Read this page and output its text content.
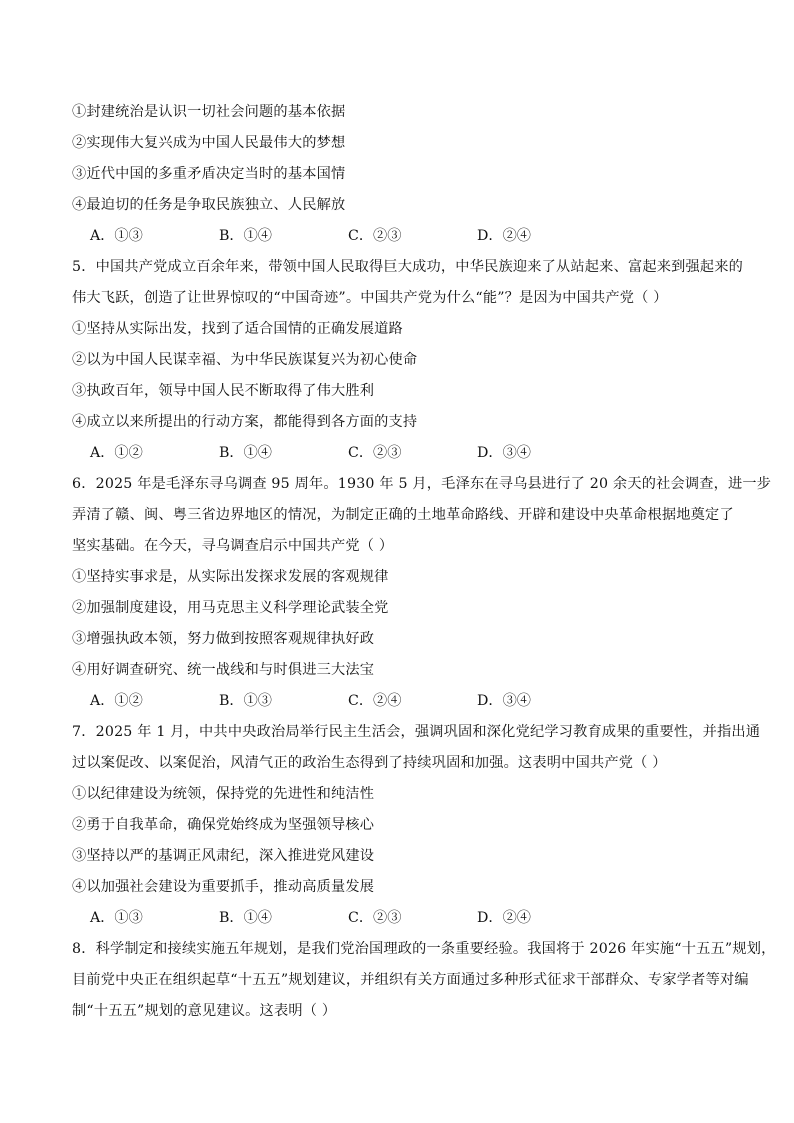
①封建统治是认识一切社会问题的基本依据
②实现伟大复兴成为中国人民最伟大的梦想
③近代中国的多重矛盾决定当时的基本国情
④最迫切的任务是争取民族独立、人民解放
A．①③	B．①④	C．②③	D．②④
5．中国共产党成立百余年来，带领中国人民取得巨大成功，中华民族迎来了从站起来、富起来到强起来的
伟大飞跃，创造了让世界惊叹的“中国奇迹”。中国共产党为什么“能”？是因为中国共产党（ ）
①坚持从实际出发，找到了适合国情的正确发展道路
②以为中国人民谋幸福、为中华民族谋复兴为初心使命
③执政百年，领导中国人民不断取得了伟大胜利
④成立以来所提出的行动方案，都能得到各方面的支持
A．①②	B．①④	C．②③	D．③④
6．2025 年是毛泽东寻乌调查 95 周年。1930 年 5 月，毛泽东在寻乌县进行了 20 余天的社会调查，进一步
弄清了赣、闽、粤三省边界地区的情况，为制定正确的土地革命路线、开辟和建设中央革命根据地奠定了
坚实基础。在今天，寻乌调查启示中国共产党（ ）
①坚持实事求是，从实际出发探求发展的客观规律
②加强制度建设，用马克思主义科学理论武装全党
③增强执政本领，努力做到按照客观规律执好政
④用好调查研究、统一战线和与时俱进三大法宝
A．①②	B．①③	C．②④	D．③④
7．2025 年 1 月，中共中央政治局举行民主生活会，强调巩固和深化党纪学习教育成果的重要性，并指出通
过以案促改、以案促治，风清气正的政治生态得到了持续巩固和加强。这表明中国共产党（ ）
①以纪律建设为统领，保持党的先进性和纯洁性
②勇于自我革命，确保党始终成为坚强领导核心
③坚持以严的基调正风肃纪，深入推进党风建设
④以加强社会建设为重要抓手，推动高质量发展
A．①③	B．①④	C．②③	D．②④
8．科学制定和接续实施五年规划，是我们党治国理政的一条重要经验。我国将于 2026 年实施“十五五”规划，
目前党中央正在组织起草“十五五”规划建议，并组织有关方面通过多种形式征求干部群众、专家学者等对编
制“十五五”规划的意见建议。这表明（ ）
